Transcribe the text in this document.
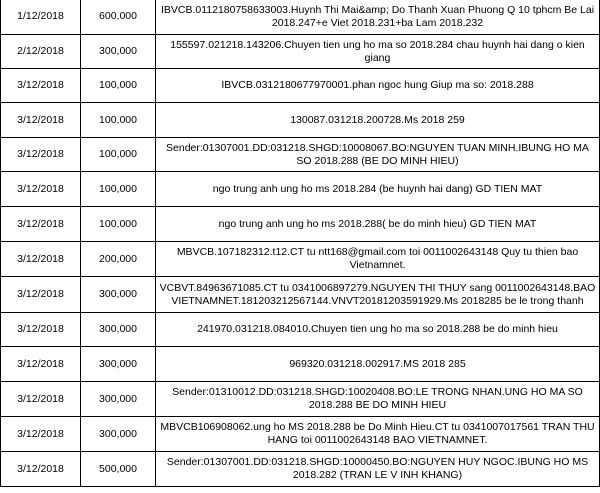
1/12/2018	600,000	IBVCB.0112180758633003.Huynh Thi Mai&amp; Do Thanh Xuan Phuong Q 10 tphcm Be Lai 2018.247+e Viet 2018.231+ba Lam 2018.232
2/12/2018	300,000	155597.021218.143206.Chuyen tien ung ho ma so 2018.284 chau huynh hai dang o kien giang
3/12/2018	100,000	IBVCB.0312180677970001.phan ngoc hung Giup ma so: 2018.288
3/12/2018	100,000	130087.031218.200728.Ms 2018 259
3/12/2018	100,000	Sender:01307001.DD:031218.SHGD:10008067.BO:NGUYEN TUAN MINH.IBUNG HO MA SO 2018.288 (BE DO MINH HIEU)
3/12/2018	100,000	ngo trung anh ung ho ms 2018.284 (be huynh hai dang) GD TIEN MAT
3/12/2018	100,000	ngo trung anh ung ho ms 2018.288( be do minh hieu) GD TIEN MAT
3/12/2018	200,000	MBVCB.107182312.t12.CT tu ntt168@gmail.com toi 0011002643148 Quy tu thien bao Vietnamnet.
3/12/2018	300,000	VCBVT.84963671085.CT tu 0341006897279.NGUYEN THI THUY sang 0011002643148.BAO VIETNAMNET.181203212567144.VNVT20181203591929.Ms 2018285 be le trong thanh
3/12/2018	300,000	241970.031218.084010.Chuyen tien ung ho ma so 2018.288 be do minh hieu
3/12/2018	300,000	969320.031218.002917.MS 2018 285
3/12/2018	300,000	Sender:01310012.DD:031218.SHGD:10020408.BO:LE TRONG NHAN.UNG HO MA SO 2018.288 BE DO MINH HIEU
3/12/2018	300,000	MBVCB106908062.ung ho MS 2018.288 be Do Minh Hieu.CT tu 0341007017561 TRAN THU HANG toi 0011002643148 BAO VIETNAMNET.
3/12/2018	500,000	Sender:01307001.DD:031218.SHGD:10000450.BO:NGUYEN HUY NGOC.IBUNG HO MS 2018.282 (TRAN LE V INH KHANG)
